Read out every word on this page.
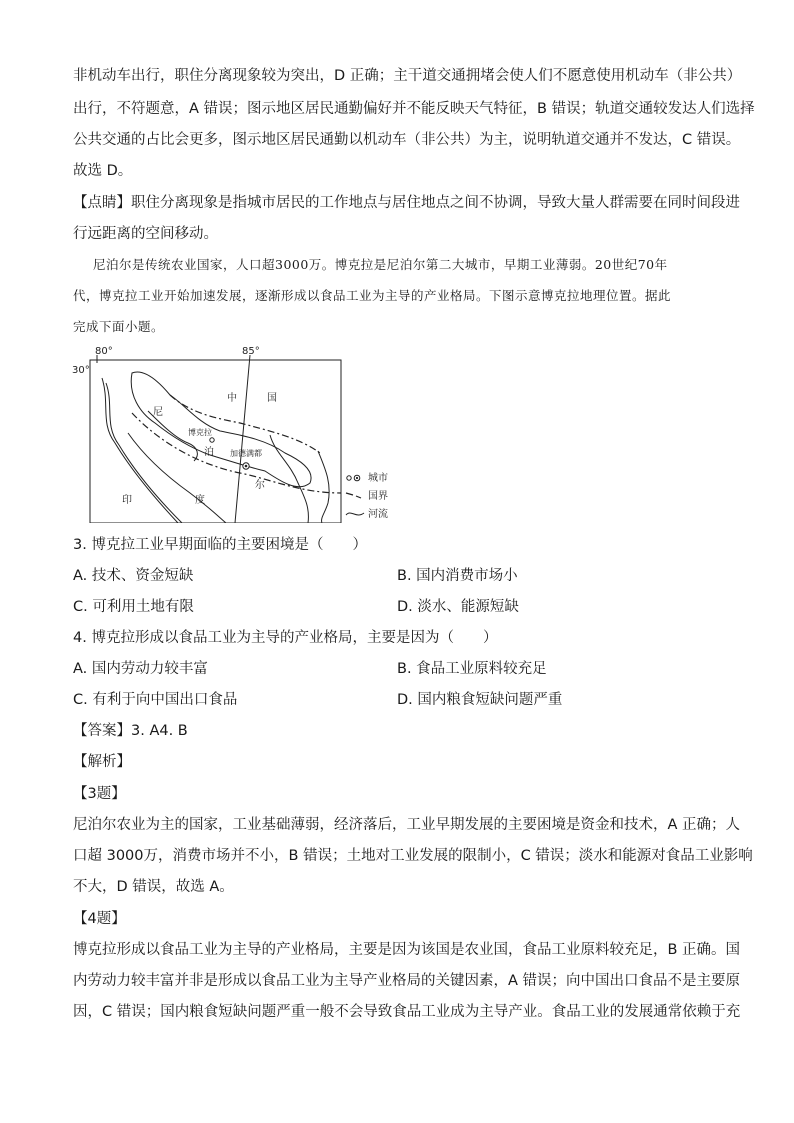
非机动车出行，职住分离现象较为突出，D 正确；主干道交通拥堵会使人们不愿意使用机动车（非公共）
出行，不符题意，A 错误；图示地区居民通勤偏好并不能反映天气特征，B 错误；轨道交通较发达人们选择
公共交通的占比会更多，图示地区居民通勤以机动车（非公共）为主，说明轨道交通并不发达，C 错误。
故选 D。
【点睛】职住分离现象是指城市居民的工作地点与居住地点之间不协调，导致大量人群需要在同时间段进
行远距离的空间移动。
尼泊尔是传统农业国家，人口超3000万。博克拉是尼泊尔第二大城市，早期工业薄弱。20世纪70年
代，博克拉工业开始加速发展，逐渐形成以食品工业为主导的产业格局。下图示意博克拉地理位置。据此
完成下面小题。
80°	85°
30°
中	国
尼
博克拉
泊 加德满都
尔
印	度
城市
国界
河流
3. 博克拉工业早期面临的主要困境是（　　）
A. 技术、资金短缺	B. 国内消费市场小
C. 可利用土地有限	D. 淡水、能源短缺
4. 博克拉形成以食品工业为主导的产业格局，主要是因为（　　）
A. 国内劳动力较丰富	B. 食品工业原料较充足
C. 有利于向中国出口食品	D. 国内粮食短缺问题严重
【答案】3. A4. B
【解析】
【3题】
尼泊尔农业为主的国家，工业基础薄弱，经济落后，工业早期发展的主要困境是资金和技术，A 正确；人
口超 3000万，消费市场并不小，B 错误；土地对工业发展的限制小，C 错误；淡水和能源对食品工业影响
不大，D 错误，故选 A。
【4题】
博克拉形成以食品工业为主导的产业格局，主要是因为该国是农业国，食品工业原料较充足，B 正确。国
内劳动力较丰富并非是形成以食品工业为主导产业格局的关键因素，A 错误；向中国出口食品不是主要原
因，C 错误；国内粮食短缺问题严重一般不会导致食品工业成为主导产业。食品工业的发展通常依赖于充
